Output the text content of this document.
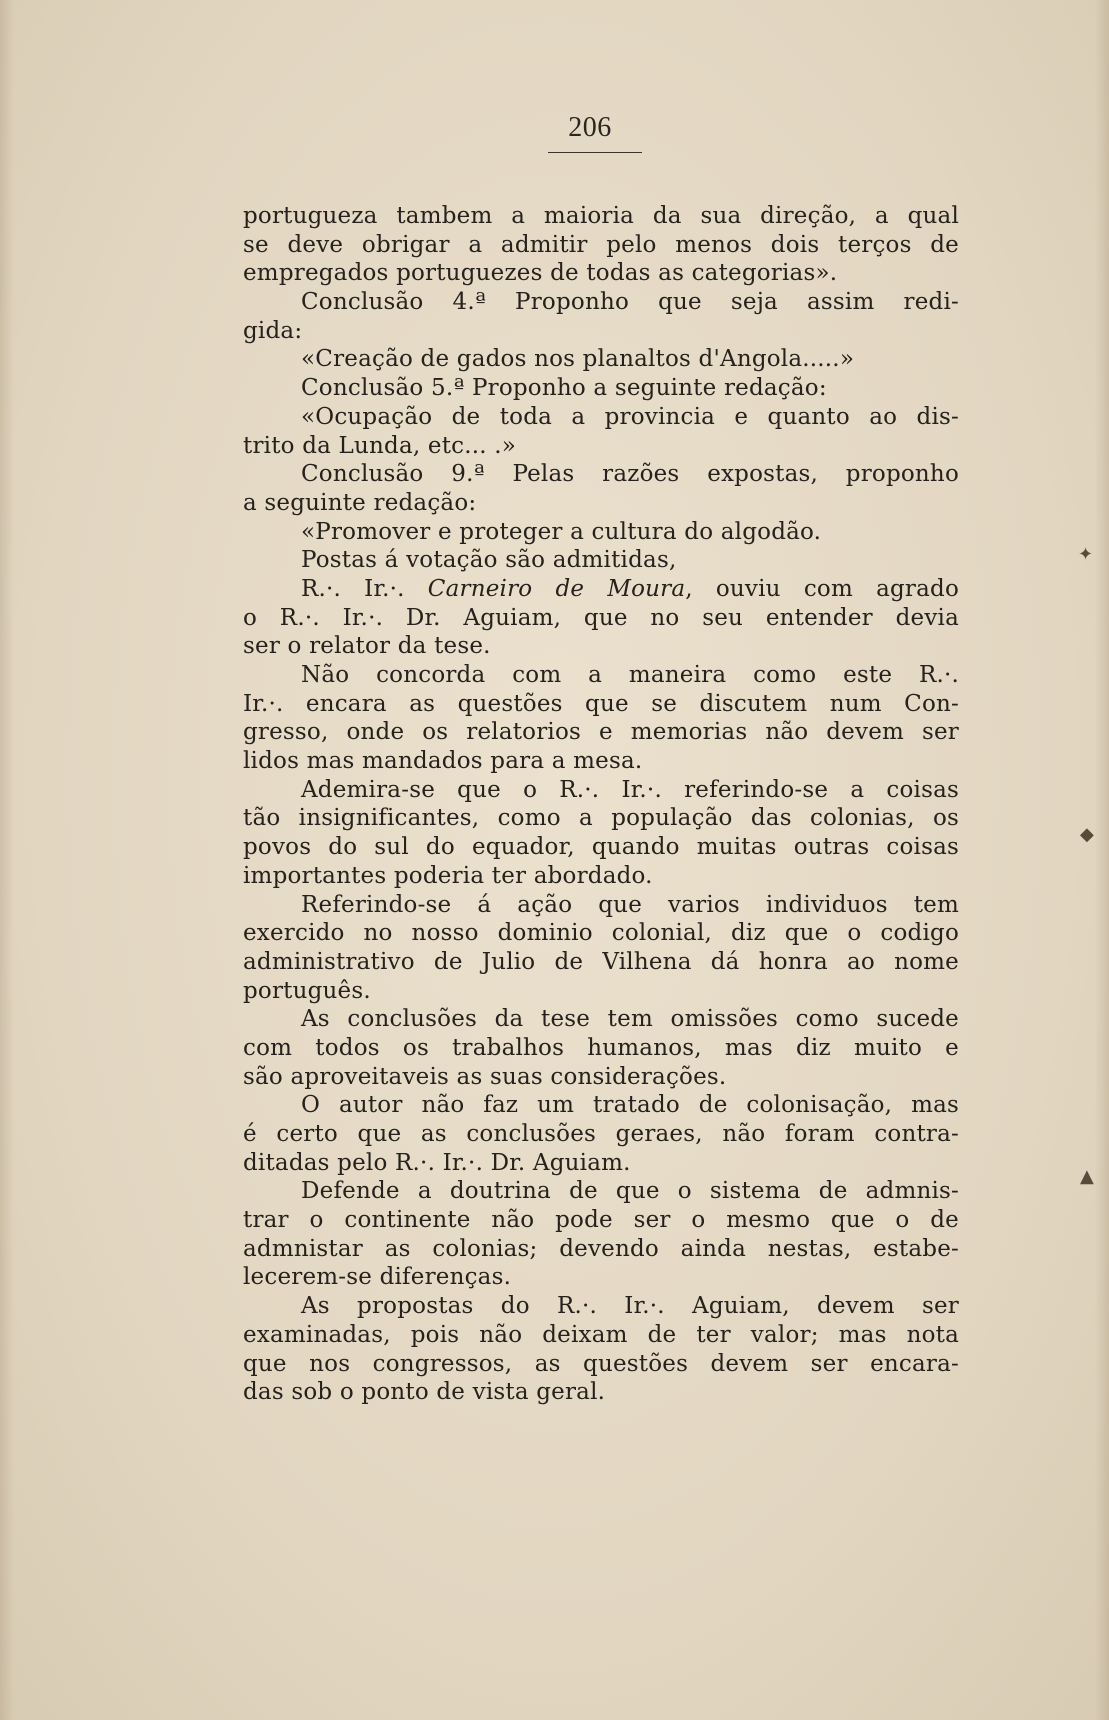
206
portugueza tambem a maioria da sua direção, a qual
se deve obrigar a admitir pelo menos dois terços de
empregados portuguezes de todas as categorias».
Conclusão 4.ª Proponho que seja assim redi-
gida:
«Creação de gados nos planaltos d'Angola.....»
Conclusão 5.ª Proponho a seguinte redação:
«Ocupação de toda a provincia e quanto ao dis-
trito da Lunda, etc... .»
Conclusão 9.ª Pelas razões expostas, proponho
a seguinte redação:
«Promover e proteger a cultura do algodão.
Postas á votação são admitidas,
R.·. Ir.·. Carneiro de Moura, ouviu com agrado
o R.·. Ir.·. Dr. Aguiam, que no seu entender devia
ser o relator da tese.
Não concorda com a maneira como este R.·.
Ir.·. encara as questões que se discutem num Con-
gresso, onde os relatorios e memorias não devem ser
lidos mas mandados para a mesa.
Ademira-se que o R.·. Ir.·. referindo-se a coisas
tão insignificantes, como a população das colonias, os
povos do sul do equador, quando muitas outras coisas
importantes poderia ter abordado.
Referindo-se á ação que varios individuos tem
exercido no nosso dominio colonial, diz que o codigo
administrativo de Julio de Vilhena dá honra ao nome
português.
As conclusões da tese tem omissões como sucede
com todos os trabalhos humanos, mas diz muito e
são aproveitaveis as suas considerações.
O autor não faz um tratado de colonisação, mas
é certo que as conclusões geraes, não foram contra-
ditadas pelo R.·. Ir.·. Dr. Aguiam.
Defende a doutrina de que o sistema de admnis-
trar o continente não pode ser o mesmo que o de
admnistar as colonias; devendo ainda nestas, estabe-
lecerem-se diferenças.
As propostas do R.·. Ir.·. Aguiam, devem ser
examinadas, pois não deixam de ter valor; mas nota
que nos congressos, as questões devem ser encara-
das sob o ponto de vista geral.
✦
◆
▲
